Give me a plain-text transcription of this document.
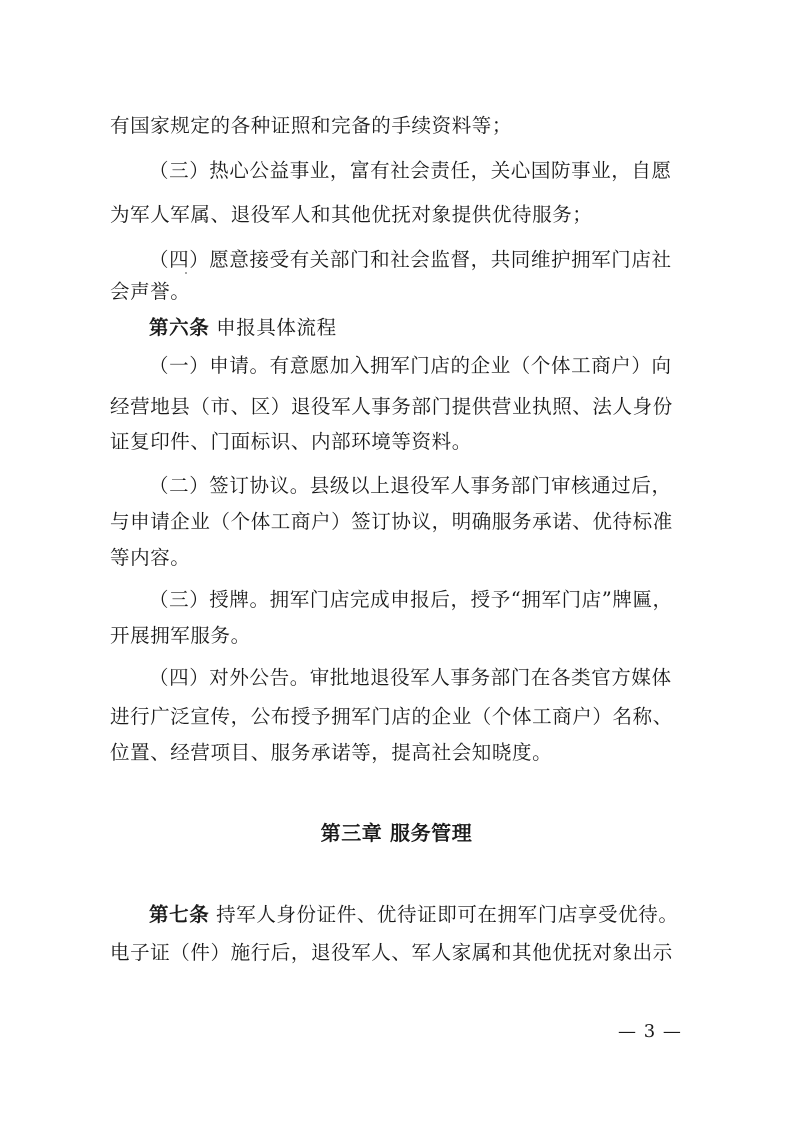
有国家规定的各种证照和完备的手续资料等；
（三）热心公益事业，富有社会责任，关心国防事业，自愿
为军人军属、退役军人和其他优抚对象提供优待服务；
（四）愿意接受有关部门和社会监督，共同维护拥军门店社
会声誉。
第六条 申报具体流程
（一）申请。有意愿加入拥军门店的企业（个体工商户）向
经营地县（市、区）退役军人事务部门提供营业执照、法人身份
证复印件、门面标识、内部环境等资料。
（二）签订协议。县级以上退役军人事务部门审核通过后，
与申请企业（个体工商户）签订协议，明确服务承诺、优待标准
等内容。
（三）授牌。拥军门店完成申报后，授予“拥军门店”牌匾，
开展拥军服务。
（四）对外公告。审批地退役军人事务部门在各类官方媒体
进行广泛宣传，公布授予拥军门店的企业（个体工商户）名称、
位置、经营项目、服务承诺等，提高社会知晓度。
第三章 服务管理
第七条 持军人身份证件、优待证即可在拥军门店享受优待。
电子证（件）施行后，退役军人、军人家属和其他优抚对象出示
— 3 —
